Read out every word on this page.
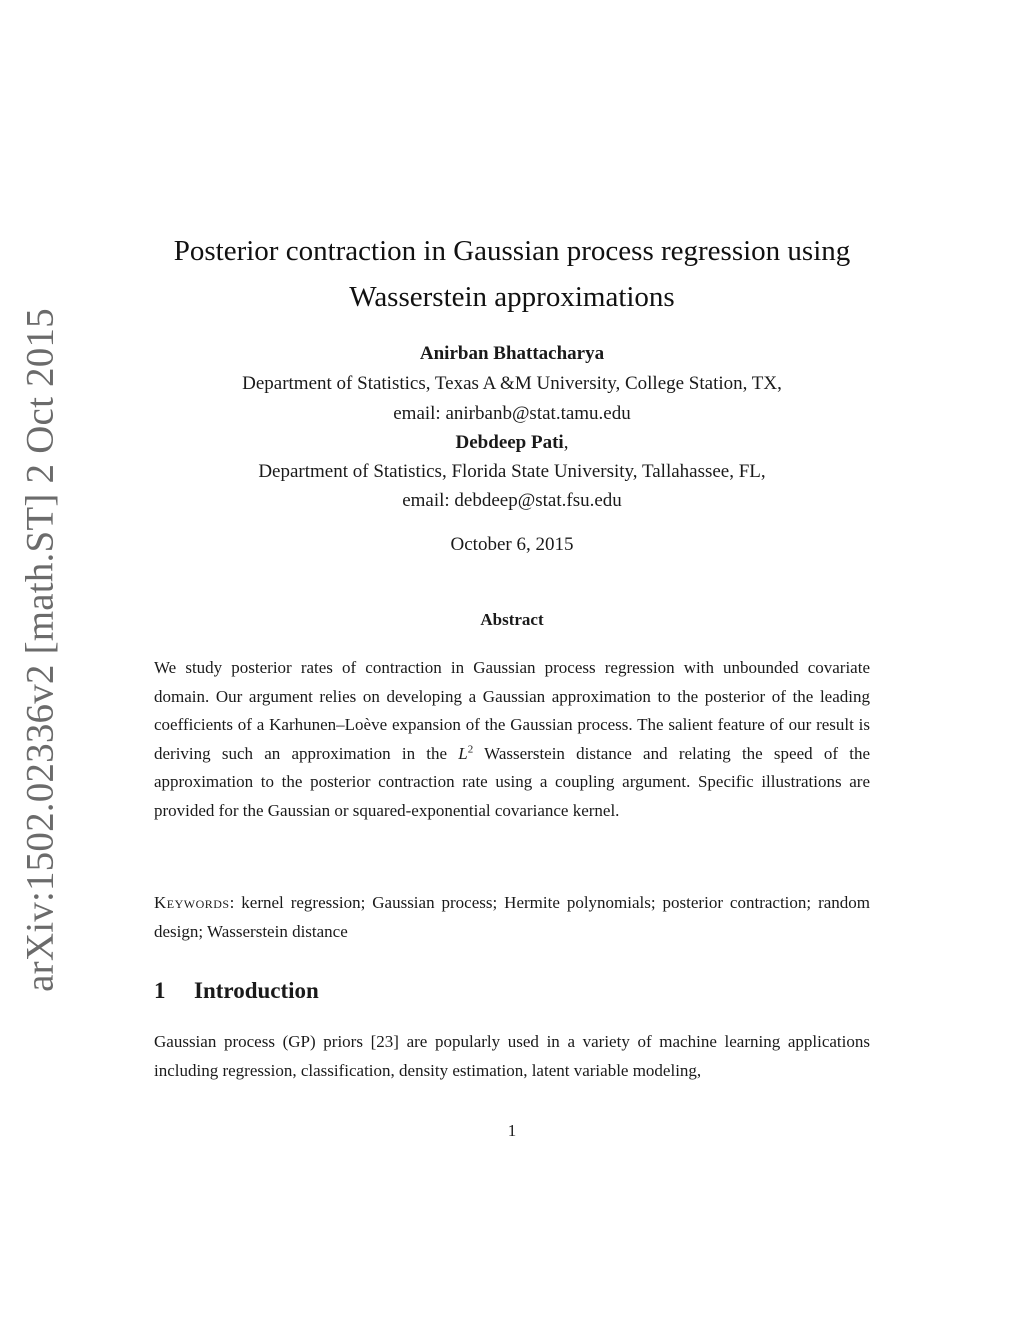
arXiv:1502.02336v2 [math.ST] 2 Oct 2015
Posterior contraction in Gaussian process regression using
Wasserstein approximations
Anirban Bhattacharya
Department of Statistics, Texas A &M University, College Station, TX,
email: anirbanb@stat.tamu.edu
Debdeep Pati,
Department of Statistics, Florida State University, Tallahassee, FL,
email: debdeep@stat.fsu.edu
October 6, 2015
Abstract
We study posterior rates of contraction in Gaussian process regression with unbounded covariate domain. Our argument relies on developing a Gaussian approximation to the posterior of the leading coefficients of a Karhunen–Loève expansion of the Gaussian process. The salient feature of our result is deriving such an approximation in the $L^2$ Wasserstein distance and relating the speed of the approximation to the posterior contraction rate using a coupling argument. Specific illustrations are provided for the Gaussian or squared-exponential covariance kernel.
Keywords: kernel regression; Gaussian process; Hermite polynomials; posterior contraction; random design; Wasserstein distance
1 Introduction
Gaussian process (GP) priors [23] are popularly used in a variety of machine learning applications including regression, classification, density estimation, latent variable modeling,
1
